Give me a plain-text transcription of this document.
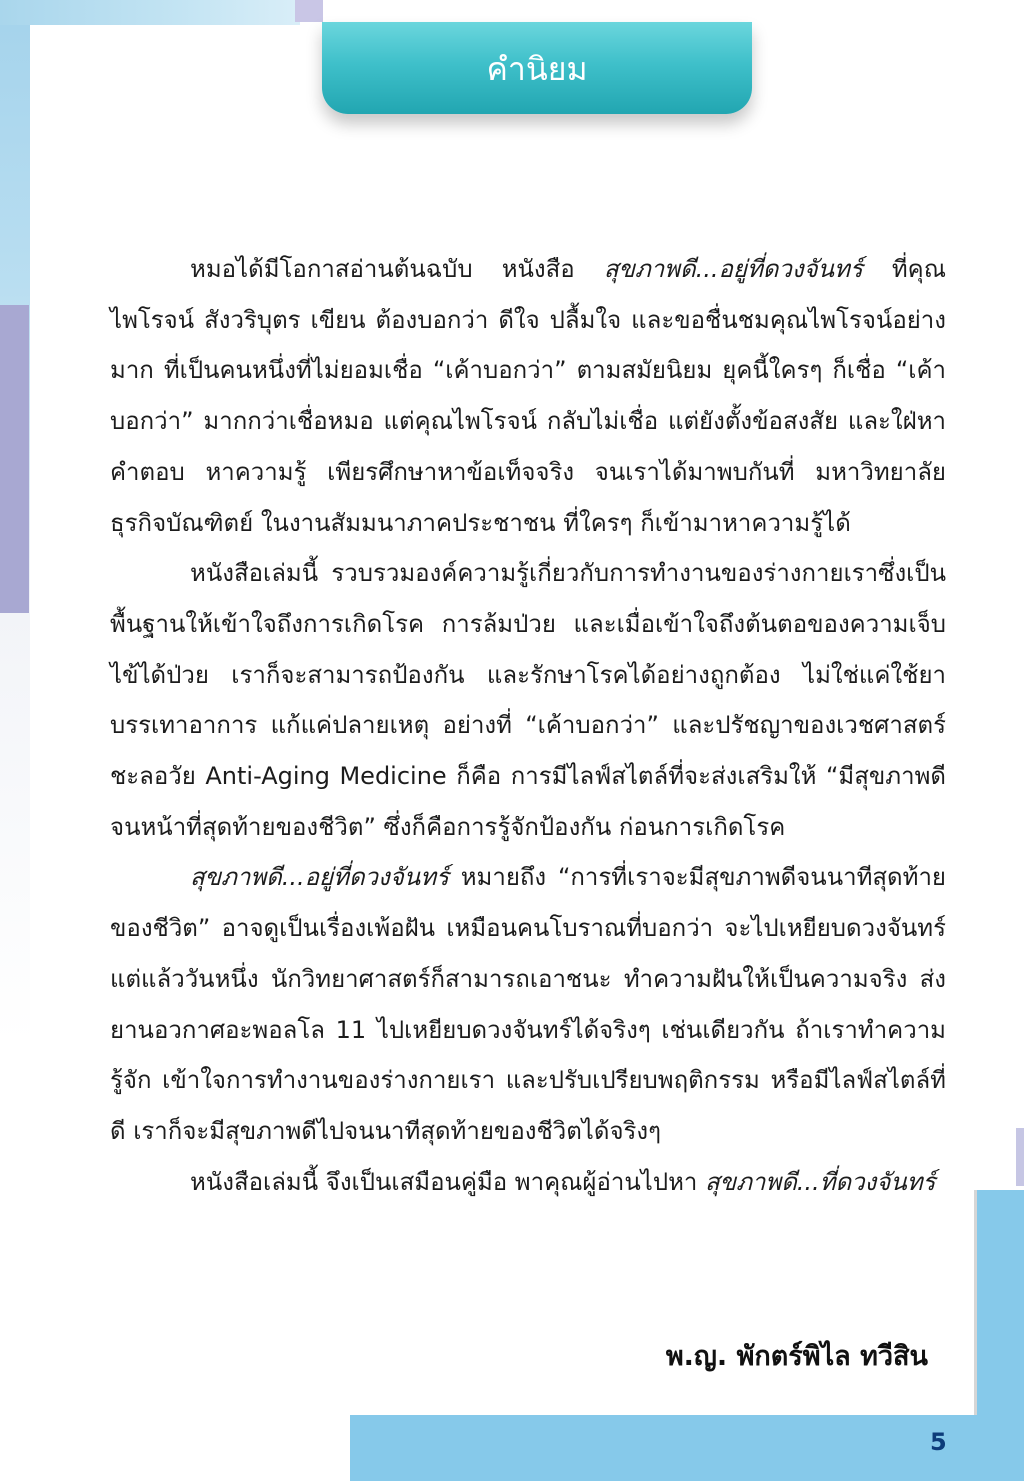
คำนิยม

หมอได้มีโอกาสอ่านต้นฉบับ หนังสือ สุขภาพดี...อยู่ที่ดวงจันทร์ ที่คุณไพโรจน์ สังวริบุตร เขียน ต้องบอกว่า ดีใจ ปลื้มใจ และขอชื่นชมคุณไพโรจน์อย่างมาก ที่เป็นคนหนึ่งที่ไม่ยอมเชื่อ “เค้าบอกว่า” ตามสมัยนิยม ยุคนี้ใครๆ ก็เชื่อ “เค้าบอกว่า” มากกว่าเชื่อหมอ แต่คุณไพโรจน์ กลับไม่เชื่อ แต่ยังตั้งข้อสงสัย และใฝ่หาคำตอบ หาความรู้ เพียรศึกษาหาข้อเท็จจริง จนเราได้มาพบกันที่ มหาวิทยาลัยธุรกิจบัณฑิตย์ ในงานสัมมนาภาคประชาชน ที่ใครๆ ก็เข้ามาหาความรู้ได้

หนังสือเล่มนี้ รวบรวมองค์ความรู้เกี่ยวกับการทำงานของร่างกายเราซึ่งเป็นพื้นฐานให้เข้าใจถึงการเกิดโรค การล้มป่วย และเมื่อเข้าใจถึงต้นตอของความเจ็บไข้ได้ป่วย เราก็จะสามารถป้องกัน และรักษาโรคได้อย่างถูกต้อง ไม่ใช่แค่ใช้ยาบรรเทาอาการ แก้แค่ปลายเหตุ อย่างที่ “เค้าบอกว่า” และปรัชญาของเวชศาสตร์ชะลอวัย Anti-Aging Medicine ก็คือ การมีไลฟ์สไตล์ที่จะส่งเสริมให้ “มีสุขภาพดี จนหน้าที่สุดท้ายของชีวิต” ซึ่งก็คือการรู้จักป้องกัน ก่อนการเกิดโรค

สุขภาพดี...อยู่ที่ดวงจันทร์ หมายถึง “การที่เราจะมีสุขภาพดีจนนาทีสุดท้ายของชีวิต” อาจดูเป็นเรื่องเพ้อฝัน เหมือนคนโบราณที่บอกว่า จะไปเหยียบดวงจันทร์ แต่แล้ววันหนึ่ง นักวิทยาศาสตร์ก็สามารถเอาชนะ ทำความฝันให้เป็นความจริง ส่งยานอวกาศอะพอลโล 11 ไปเหยียบดวงจันทร์ได้จริงๆ เช่นเดียวกัน ถ้าเราทำความรู้จัก เข้าใจการทำงานของร่างกายเรา และปรับเปรียบพฤติกรรม หรือมีไลฟ์สไตล์ที่ดี เราก็จะมีสุขภาพดีไปจนนาทีสุดท้ายของชีวิตได้จริงๆ

หนังสือเล่มนี้ จึงเป็นเสมือนคู่มือ พาคุณผู้อ่านไปหา สุขภาพดี...ที่ดวงจันทร์

พ.ญ. พักตร์พิไล ทวีสิน
5
